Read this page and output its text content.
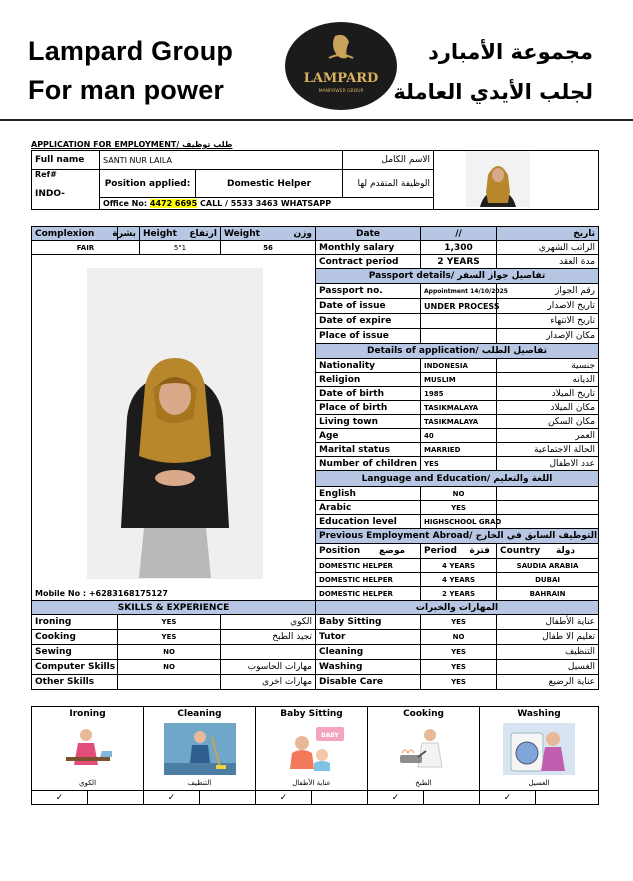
Lampard Group
For man power
مجموعة الأمبارد
لجلب الأيدي العاملة
LAMPARD
MANPOWER GROUP
APPLICATION FOR EMPLOYMENT/ طلب توظيف
Full name	SANTI NUR LAILA		الاسم الكامل	
Ref#	Position applied:	Domestic Helper	الوظيفة المتقدم لها	
INDO-				
	Office No: 4472 6695 CALL / 5533 3463 WHATSAPP			
Complexion	بشرة	Height ارتفاع	Weight وزن	Date	//	تاريخ
FAIR		5"1	56	Monthly salary	1,300	الراتب الشهري
Mobile No : +6283168175127				Contract period	2 YEARS	مدة العقد
				Passport details/ تفاصيل جواز السفر		
				Passport no.	Appointment 14/10/2025	رقم الجواز
				Date of issue	UNDER PROCESS	تاريخ الاصدار
				Date of expire		تاريخ الانتهاء
				Place of issue		مكان الإصدار
				Details of application/ تفاصيل الطلب		
				Nationality	INDONESIA	جنسية
				Religion	MUSLIM	الديانه
				Date of birth	1985	تاريخ الميلاد
				Place of birth	TASIKMALAYA	مكان الميلاد
				Living town	TASIKMALAYA	مكان السكن
				Age	40	العمر
				Marital status	MARRIED	الحالة الاجتماعية
				Number of children	YES	عدد الاطفال
				Language and Education/ اللغة والتعليم		
				English	NO	
				Arabic	YES	
				Education level	HIGHSCHOOL GRAD	
				Previous Employment Abroad/ التوظيف السابق في الخارج		
				Position موضع	Period فترة	Country دولة
				DOMESTIC HELPER	4 YEARS	SAUDIA ARABIA
				DOMESTIC HELPER	4 YEARS	DUBAI
				DOMESTIC HELPER	2 YEARS	BAHRAIN
SKILLS & EXPERIENCE				المهارات والخبرات		
Ironing	YES		الكوي	Baby Sitting	YES	عناية الأطفال
Cooking	YES		تجيد الطبخ	Tutor	NO	تعليم الا طفال
Sewing	NO			Cleaning	YES	التنظيف
Computer Skills	NO		مهارات الحاسوب	Washing	YES	الغسيل
Other Skills			مهارات اخرى	Disable Care	YES	عناية الرضيع
Ironing		Cleaning		Baby Sitting		Cooking		Washing	

BABY

الكوي		التنظيف		عناية الأطفال		الطبخ		الغسيل	
✓		✓		✓		✓		✓	
